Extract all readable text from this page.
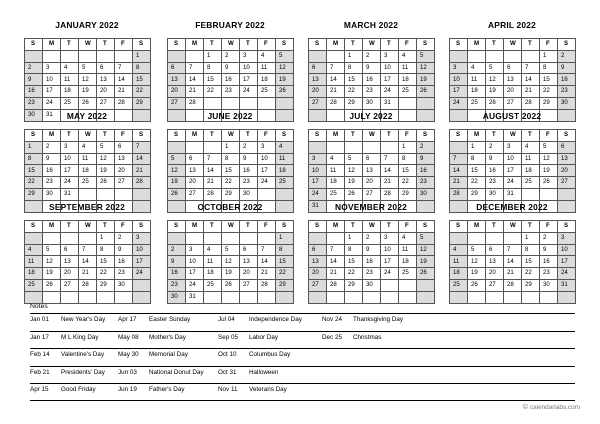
JANUARY 2022
S	M	T	W	T	F	S
						1
2	3	4	5	6	7	8
9	10	11	12	13	14	15
16	17	18	19	20	21	22
23	24	25	26	27	28	29
30	31					
FEBRUARY 2022
S	M	T	W	T	F	S
		1	2	3	4	5
6	7	8	9	10	11	12
13	14	15	16	17	18	19
20	21	22	23	24	25	26
27	28					

MARCH 2022
S	M	T	W	T	F	S
		1	2	3	4	5
6	7	8	9	10	11	12
13	14	15	16	17	18	19
20	21	22	23	24	25	26
27	28	29	30	31		

APRIL 2022
S	M	T	W	T	F	S
					1	2
3	4	5	6	7	8	9
10	11	12	13	14	15	16
17	18	19	20	21	22	23
24	25	26	27	28	29	30

MAY 2022
S	M	T	W	T	F	S
1	2	3	4	5	6	7
8	9	10	11	12	13	14
15	16	17	18	19	20	21
22	23	24	25	26	27	28
29	30	31				

JUNE 2022
S	M	T	W	T	F	S
			1	2	3	4
5	6	7	8	9	10	11
12	13	14	15	16	17	18
19	20	21	22	23	24	25
26	27	28	29	30		

JULY 2022
S	M	T	W	T	F	S
					1	2
3	4	5	6	7	8	9
10	11	12	13	14	15	16
17	18	19	20	21	22	23
24	25	26	27	28	29	30
31						
AUGUST 2022
S	M	T	W	T	F	S
	1	2	3	4	5	6
7	8	9	10	11	12	13
14	15	16	17	18	19	20
21	22	23	24	25	26	27
28	29	30	31			

SEPTEMBER 2022
S	M	T	W	T	F	S
				1	2	3
4	5	6	7	8	9	10
11	12	13	14	15	16	17
18	19	20	21	22	23	24
25	26	27	28	29	30	

OCTOBER 2022
S	M	T	W	T	F	S
						1
2	3	4	5	6	7	8
9	10	11	12	13	14	15
16	17	18	19	20	21	22
23	24	25	26	27	28	29
30	31					
NOVEMBER 2022
S	M	T	W	T	F	S
		1	2	3	4	5
6	7	8	9	10	11	12
13	14	15	16	17	18	19
20	21	22	23	24	25	26
27	28	29	30			

DECEMBER 2022
S	M	T	W	T	F	S
				1	2	3
4	5	6	7	8	9	10
11	12	13	14	15	16	17
18	19	20	21	22	23	24
25	26	27	28	29	30	31

Notes
Jan 01 New Year's Day Apr 17 Easter Sunday	Jul 04 Independence Day	Nov 24 Thanksgiving Day
Jan 17 M L King Day	May 08 Mother's Day	Sep 05 Labor Day	Dec 25 Christmas
Feb 14 Valentine's Day May 30 Memorial Day	Oct 10 Columbus Day
Feb 21 Presidents' Day Jun 03 National Donut Day Oct 31 Halloween
Apr 15 Good Friday	Jun 19 Father's Day	Nov 11 Veterans Day
© calendarlabs.com
